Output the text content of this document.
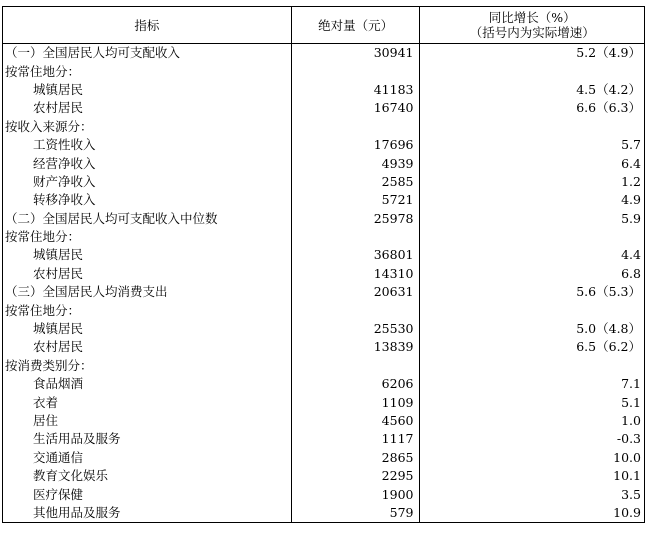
指标	绝对量（元）	同比增长（%）
（括号内为实际增速）

（一）全国居民人均可支配收入	30941	5.2（4.9）
按常住地分：		
城镇居民	41183	4.5（4.2）
农村居民	16740	6.6（6.3）
按收入来源分：		
工资性收入	17696	5.7
经营净收入	4939	6.4
财产净收入	2585	1.2
转移净收入	5721	4.9
（二）全国居民人均可支配收入中位数	25978	5.9
按常住地分：		
城镇居民	36801	4.4
农村居民	14310	6.8
（三）全国居民人均消费支出	20631	5.6（5.3）
按常住地分：		
城镇居民	25530	5.0（4.8）
农村居民	13839	6.5（6.2）
按消费类别分：		
食品烟酒	6206	7.1
衣着	1109	5.1
居住	4560	1.0
生活用品及服务	1117	-0.3
交通通信	2865	10.0
教育文化娱乐	2295	10.1
医疗保健	1900	3.5
其他用品及服务	579	10.9
